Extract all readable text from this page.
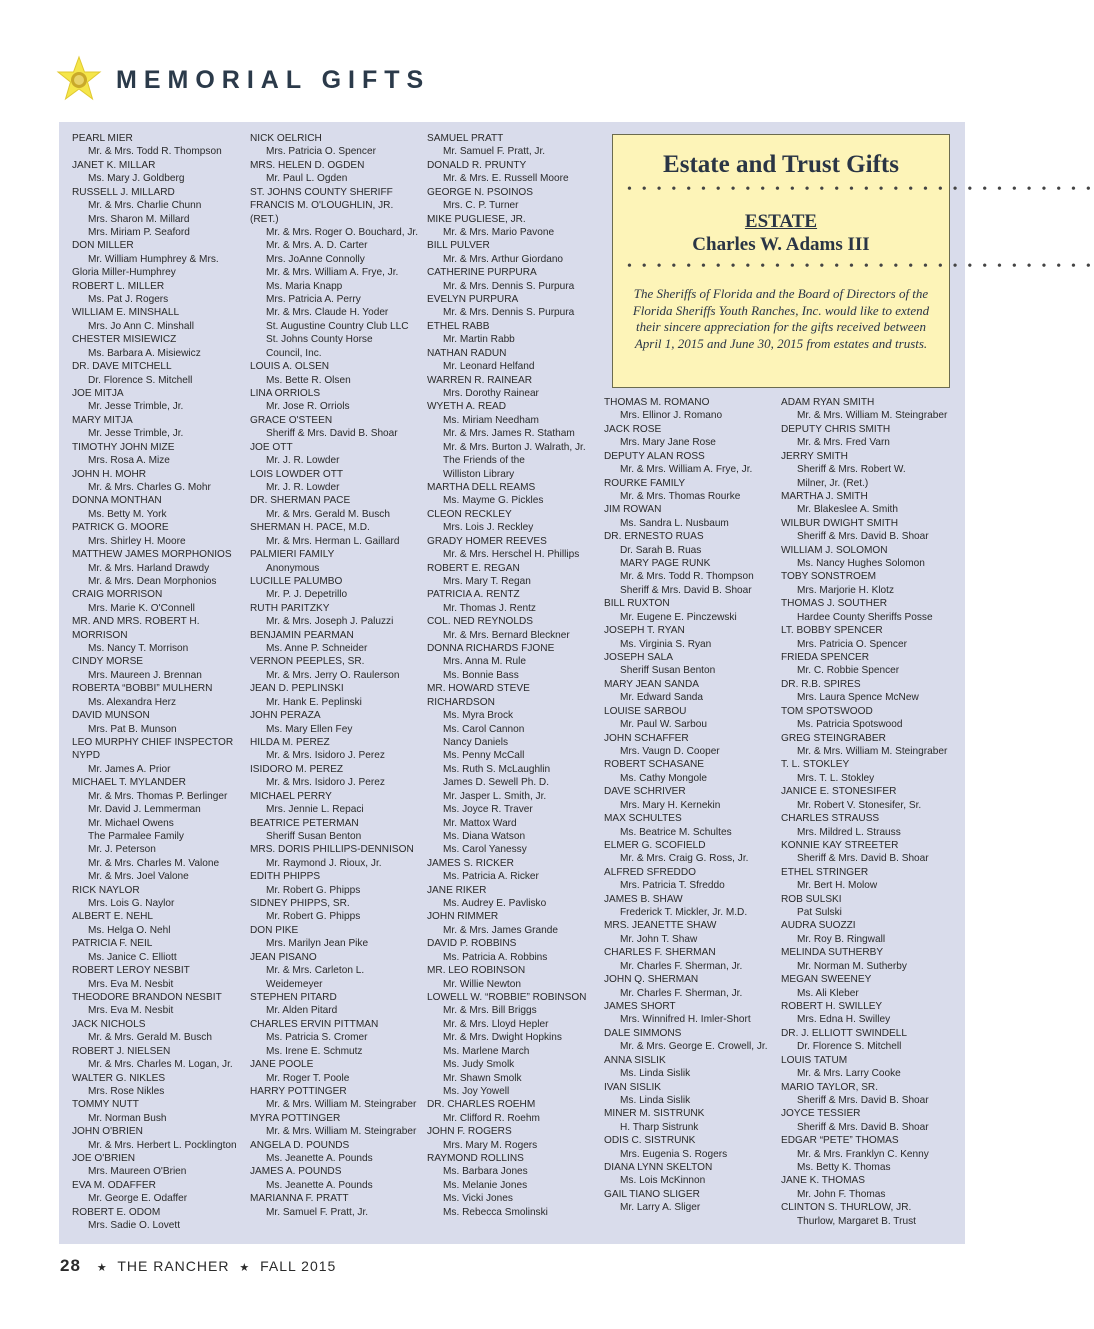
MEMORIAL GIFTS
PEARL MIER
Mr. & Mrs. Todd R. Thompson
JANET K. MILLAR
Ms. Mary J. Goldberg
RUSSELL J. MILLARD
Mr. & Mrs. Charlie Chunn
Mrs. Sharon M. Millard
Mrs. Miriam P. Seaford
DON MILLER
Mr. William Humphrey & Mrs.
Gloria Miller-Humphrey
ROBERT L. MILLER
Ms. Pat J. Rogers
WILLIAM E. MINSHALL
Mrs. Jo Ann C. Minshall
CHESTER MISIEWICZ
Ms. Barbara A. Misiewicz
DR. DAVE MITCHELL
Dr. Florence S. Mitchell
JOE MITJA
Mr. Jesse Trimble, Jr.
MARY MITJA
Mr. Jesse Trimble, Jr.
TIMOTHY JOHN MIZE
Mrs. Rosa A. Mize
JOHN H. MOHR
Mr. & Mrs. Charles G. Mohr
DONNA MONTHAN
Ms. Betty M. York
PATRICK G. MOORE
Mrs. Shirley H. Moore
MATTHEW JAMES MORPHONIOS
Mr. & Mrs. Harland Drawdy
Mr. & Mrs. Dean Morphonios
CRAIG MORRISON
Mrs. Marie K. O'Connell
MR. AND MRS. ROBERT H.
MORRISON
Ms. Nancy T. Morrison
CINDY MORSE
Mrs. Maureen J. Brennan
ROBERTA “BOBBI” MULHERN
Ms. Alexandra Herz
DAVID MUNSON
Mrs. Pat B. Munson
LEO MURPHY CHIEF INSPECTOR
NYPD
Mr. James A. Prior
MICHAEL T. MYLANDER
Mr. & Mrs. Thomas P. Berlinger
Mr. David J. Lemmerman
Mr. Michael Owens
The Parmalee Family
Mr. J. Peterson
Mr. & Mrs. Charles M. Valone
Mr. & Mrs. Joel Valone
RICK NAYLOR
Mrs. Lois G. Naylor
ALBERT E. NEHL
Ms. Helga O. Nehl
PATRICIA F. NEIL
Ms. Janice C. Elliott
ROBERT LEROY NESBIT
Mrs. Eva M. Nesbit
THEODORE BRANDON NESBIT
Mrs. Eva M. Nesbit
JACK NICHOLS
Mr. & Mrs. Gerald M. Busch
ROBERT J. NIELSEN
Mr. & Mrs. Charles M. Logan, Jr.
WALTER G. NIKLES
Mrs. Rose Nikles
TOMMY NUTT
Mr. Norman Bush
JOHN O'BRIEN
Mr. & Mrs. Herbert L. Pocklington
JOE O'BRIEN
Mrs. Maureen O'Brien
EVA M. ODAFFER
Mr. George E. Odaffer
ROBERT E. ODOM
Mrs. Sadie O. Lovett
NICK OELRICH
Mrs. Patricia O. Spencer
MRS. HELEN D. OGDEN
Mr. Paul L. Ogden
ST. JOHNS COUNTY SHERIFF
FRANCIS M. O'LOUGHLIN, JR.
(RET.)
Mr. & Mrs. Roger O. Bouchard, Jr.
Mr. & Mrs. A. D. Carter
Mrs. JoAnne Connolly
Mr. & Mrs. William A. Frye, Jr.
Ms. Maria Knapp
Mrs. Patricia A. Perry
Mr. & Mrs. Claude H. Yoder
St. Augustine Country Club LLC
St. Johns County Horse
Council, Inc.
LOUIS A. OLSEN
Ms. Bette R. Olsen
LINA ORRIOLS
Mr. Jose R. Orriols
GRACE O'STEEN
Sheriff & Mrs. David B. Shoar
JOE OTT
Mr. J. R. Lowder
LOIS LOWDER OTT
Mr. J. R. Lowder
DR. SHERMAN PACE
Mr. & Mrs. Gerald M. Busch
SHERMAN H. PACE, M.D.
Mr. & Mrs. Herman L. Gaillard
PALMIERI FAMILY
Anonymous
LUCILLE PALUMBO
Mr. P. J. Depetrillo
RUTH PARITZKY
Mr. & Mrs. Joseph J. Paluzzi
BENJAMIN PEARMAN
Ms. Anne P. Schneider
VERNON PEEPLES, SR.
Mr. & Mrs. Jerry O. Raulerson
JEAN D. PEPLINSKI
Mr. Hank E. Peplinski
JOHN PERAZA
Ms. Mary Ellen Fey
HILDA M. PEREZ
Mr. & Mrs. Isidoro J. Perez
ISIDORO M. PEREZ
Mr. & Mrs. Isidoro J. Perez
MICHAEL PERRY
Mrs. Jennie L. Repaci
BEATRICE PETERMAN
Sheriff Susan Benton
MRS. DORIS PHILLIPS-DENNISON
Mr. Raymond J. Rioux, Jr.
EDITH PHIPPS
Mr. Robert G. Phipps
SIDNEY PHIPPS, SR.
Mr. Robert G. Phipps
DON PIKE
Mrs. Marilyn Jean Pike
JEAN PISANO
Mr. & Mrs. Carleton L.
Weidemeyer
STEPHEN PITARD
Mr. Alden Pitard
CHARLES ERVIN PITTMAN
Ms. Patricia S. Cromer
Ms. Irene E. Schmutz
JANE POOLE
Mr. Roger T. Poole
HARRY POTTINGER
Mr. & Mrs. William M. Steingraber
MYRA POTTINGER
Mr. & Mrs. William M. Steingraber
ANGELA D. POUNDS
Ms. Jeanette A. Pounds
JAMES A. POUNDS
Ms. Jeanette A. Pounds
MARIANNA F. PRATT
Mr. Samuel F. Pratt, Jr.
SAMUEL PRATT
Mr. Samuel F. Pratt, Jr.
DONALD R. PRUNTY
Mr. & Mrs. E. Russell Moore
GEORGE N. PSOINOS
Mrs. C. P. Turner
MIKE PUGLIESE, JR.
Mr. & Mrs. Mario Pavone
BILL PULVER
Mr. & Mrs. Arthur Giordano
CATHERINE PURPURA
Mr. & Mrs. Dennis S. Purpura
EVELYN PURPURA
Mr. & Mrs. Dennis S. Purpura
ETHEL RABB
Mr. Martin Rabb
NATHAN RADUN
Mr. Leonard Helfand
WARREN R. RAINEAR
Mrs. Dorothy Rainear
WYETH A. READ
Ms. Miriam Needham
Mr. & Mrs. James R. Statham
Mr. & Mrs. Burton J. Walrath, Jr.
The Friends of the
Williston Library
MARTHA DELL REAMS
Ms. Mayme G. Pickles
CLEON RECKLEY
Mrs. Lois J. Reckley
GRADY HOMER REEVES
Mr. & Mrs. Herschel H. Phillips
ROBERT E. REGAN
Mrs. Mary T. Regan
PATRICIA A. RENTZ
Mr. Thomas J. Rentz
COL. NED REYNOLDS
Mr. & Mrs. Bernard Bleckner
DONNA RICHARDS FJONE
Mrs. Anna M. Rule
Ms. Bonnie Bass
MR. HOWARD STEVE
RICHARDSON
Ms. Myra Brock
Ms. Carol Cannon
Nancy Daniels
Ms. Penny McCall
Ms. Ruth S. McLaughlin
James D. Sewell Ph. D.
Mr. Jasper L. Smith, Jr.
Ms. Joyce R. Traver
Mr. Mattox Ward
Ms. Diana Watson
Ms. Carol Yanessy
JAMES S. RICKER
Ms. Patricia A. Ricker
JANE RIKER
Ms. Audrey E. Pavlisko
JOHN RIMMER
Mr. & Mrs. James Grande
DAVID P. ROBBINS
Ms. Patricia A. Robbins
MR. LEO ROBINSON
Mr. Willie Newton
LOWELL W. “ROBBIE” ROBINSON
Mr. & Mrs. Bill Briggs
Mr. & Mrs. Lloyd Hepler
Mr. & Mrs. Dwight Hopkins
Ms. Marlene March
Ms. Judy Smolk
Mr. Shawn Smolk
Ms. Joy Yowell
DR. CHARLES ROEHM
Mr. Clifford R. Roehm
JOHN F. ROGERS
Mrs. Mary M. Rogers
RAYMOND ROLLINS
Ms. Barbara Jones
Ms. Melanie Jones
Ms. Vicki Jones
Ms. Rebecca Smolinski
Estate and Trust Gifts
• • • • • • • • • • • • • • • • • • • • • • • • • • • • • • • •
ESTATE
Charles W. Adams III
• • • • • • • • • • • • • • • • • • • • • • • • • • • • • • • •
The Sheriffs of Florida and the Board of Directors of the Florida Sheriffs Youth Ranches, Inc. would like to extend their sincere appreciation for the gifts received between April 1, 2015 and June 30, 2015 from estates and trusts.
THOMAS M. ROMANO
Mrs. Ellinor J. Romano
JACK ROSE
Mrs. Mary Jane Rose
DEPUTY ALAN ROSS
Mr. & Mrs. William A. Frye, Jr.
ROURKE FAMILY
Mr. & Mrs. Thomas Rourke
JIM ROWAN
Ms. Sandra L. Nusbaum
DR. ERNESTO RUAS
Dr. Sarah B. Ruas
MARY PAGE RUNK
Mr. & Mrs. Todd R. Thompson
Sheriff & Mrs. David B. Shoar
BILL RUXTON
Mr. Eugene E. Pinczewski
JOSEPH T. RYAN
Ms. Virginia S. Ryan
JOSEPH SALA
Sheriff Susan Benton
MARY JEAN SANDA
Mr. Edward Sanda
LOUISE SARBOU
Mr. Paul W. Sarbou
JOHN SCHAFFER
Mrs. Vaugn D. Cooper
ROBERT SCHASANE
Ms. Cathy Mongole
DAVE SCHRIVER
Mrs. Mary H. Kernekin
MAX SCHULTES
Ms. Beatrice M. Schultes
ELMER G. SCOFIELD
Mr. & Mrs. Craig G. Ross, Jr.
ALFRED SFREDDO
Mrs. Patricia T. Sfreddo
JAMES B. SHAW
Frederick T. Mickler, Jr. M.D.
MRS. JEANETTE SHAW
Mr. John T. Shaw
CHARLES F. SHERMAN
Mr. Charles F. Sherman, Jr.
JOHN Q. SHERMAN
Mr. Charles F. Sherman, Jr.
JAMES SHORT
Mrs. Winnifred H. Imler-Short
DALE SIMMONS
Mr. & Mrs. George E. Crowell, Jr.
ANNA SISLIK
Ms. Linda Sislik
IVAN SISLIK
Ms. Linda Sislik
MINER M. SISTRUNK
H. Tharp Sistrunk
ODIS C. SISTRUNK
Mrs. Eugenia S. Rogers
DIANA LYNN SKELTON
Ms. Lois McKinnon
GAIL TIANO SLIGER
Mr. Larry A. Sliger
ADAM RYAN SMITH
Mr. & Mrs. William M. Steingraber
DEPUTY CHRIS SMITH
Mr. & Mrs. Fred Varn
JERRY SMITH
Sheriff & Mrs. Robert W.
Milner, Jr. (Ret.)
MARTHA J. SMITH
Mr. Blakeslee A. Smith
WILBUR DWIGHT SMITH
Sheriff & Mrs. David B. Shoar
WILLIAM J. SOLOMON
Ms. Nancy Hughes Solomon
TOBY SONSTROEM
Mrs. Marjorie H. Klotz
THOMAS J. SOUTHER
Hardee County Sheriffs Posse
LT. BOBBY SPENCER
Mrs. Patricia O. Spencer
FRIEDA SPENCER
Mr. C. Robbie Spencer
DR. R.B. SPIRES
Mrs. Laura Spence McNew
TOM SPOTSWOOD
Ms. Patricia Spotswood
GREG STEINGRABER
Mr. & Mrs. William M. Steingraber
T. L. STOKLEY
Mrs. T. L. Stokley
JANICE E. STONESIFER
Mr. Robert V. Stonesifer, Sr.
CHARLES STRAUSS
Mrs. Mildred L. Strauss
KONNIE KAY STREETER
Sheriff & Mrs. David B. Shoar
ETHEL STRINGER
Mr. Bert H. Molow
ROB SULSKI
Pat Sulski
AUDRA SUOZZI
Mr. Roy B. Ringwall
MELINDA SUTHERBY
Mr. Norman M. Sutherby
MEGAN SWEENEY
Ms. Ali Kleber
ROBERT H. SWILLEY
Mrs. Edna H. Swilley
DR. J. ELLIOTT SWINDELL
Dr. Florence S. Mitchell
LOUIS TATUM
Mr. & Mrs. Larry Cooke
MARIO TAYLOR, SR.
Sheriff & Mrs. David B. Shoar
JOYCE TESSIER
Sheriff & Mrs. David B. Shoar
EDGAR “PETE” THOMAS
Mr. & Mrs. Franklyn C. Kenny
Ms. Betty K. Thomas
JANE K. THOMAS
Mr. John F. Thomas
CLINTON S. THURLOW, JR.
Thurlow, Margaret B. Trust
28 ★ THE RANCHER ★ FALL 2015
